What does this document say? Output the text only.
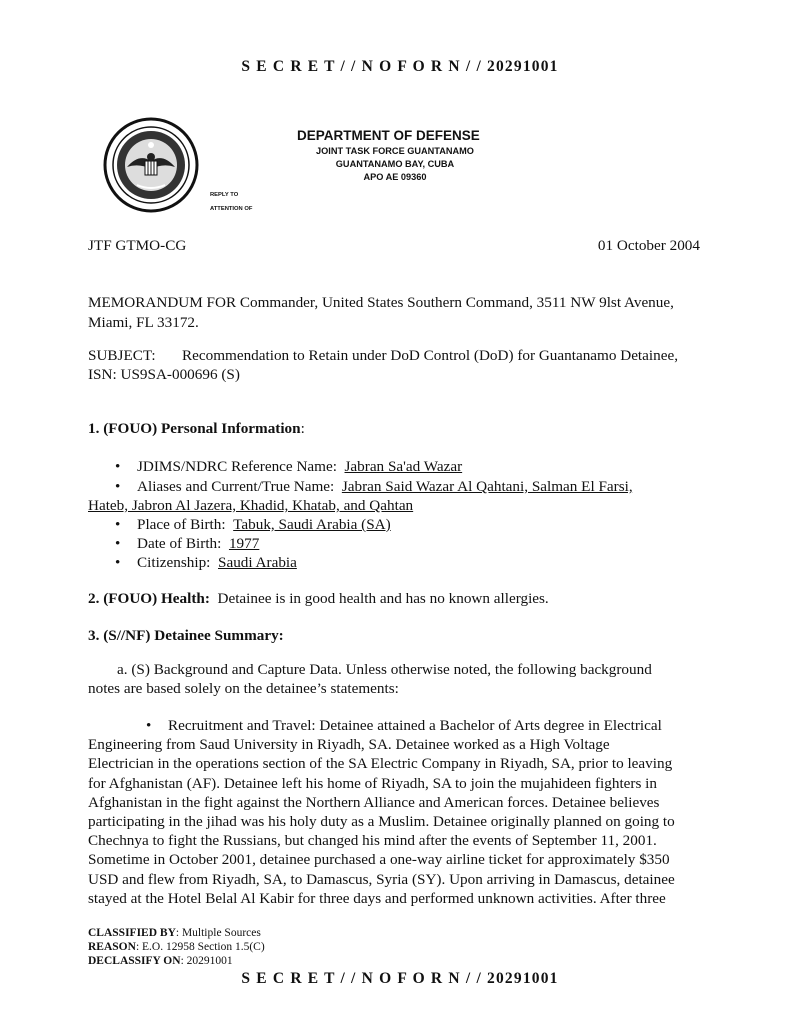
S E C R E T / / N O F O R N / / 20291001
DEPARTMENT OF DEFENSE
JOINT TASK FORCE GUANTANAMO
GUANTANAMO BAY, CUBA
APO AE 09360
REPLY TO
ATTENTION OF
JTF GTMO-CG	01 October 2004
MEMORANDUM FOR Commander, United States Southern Command, 3511 NW 9lst Avenue,
Miami, FL 33172.
SUBJECT: Recommendation to Retain under DoD Control (DoD) for Guantanamo Detainee,
ISN: US9SA-000696 (S)
1. (FOUO) Personal Information:
• JDIMS/NDRC Reference Name: Jabran Sa'ad Wazar
• Aliases and Current/True Name: Jabran Said Wazar Al Qahtani, Salman El Farsi,
Hateb, Jabron Al Jazera, Khadid, Khatab, and Qahtan
• Place of Birth: Tabuk, Saudi Arabia (SA)
• Date of Birth: 1977
• Citizenship: Saudi Arabia
2. (FOUO) Health: Detainee is in good health and has no known allergies.
3. (S//NF) Detainee Summary:
a. (S) Background and Capture Data. Unless otherwise noted, the following background
notes are based solely on the detainee’s statements:
• Recruitment and Travel: Detainee attained a Bachelor of Arts degree in Electrical
Engineering from Saud University in Riyadh, SA. Detainee worked as a High Voltage
Electrician in the operations section of the SA Electric Company in Riyadh, SA, prior to leaving
for Afghanistan (AF). Detainee left his home of Riyadh, SA to join the mujahideen fighters in
Afghanistan in the fight against the Northern Alliance and American forces. Detainee believes
participating in the jihad was his holy duty as a Muslim. Detainee originally planned on going to
Chechnya to fight the Russians, but changed his mind after the events of September 11, 2001.
Sometime in October 2001, detainee purchased a one-way airline ticket for approximately $350
USD and flew from Riyadh, SA, to Damascus, Syria (SY). Upon arriving in Damascus, detainee
stayed at the Hotel Belal Al Kabir for three days and performed unknown activities. After three
CLASSIFIED BY: Multiple Sources
REASON: E.O. 12958 Section 1.5(C)
DECLASSIFY ON: 20291001
S E C R E T / / N O F O R N / / 20291001
